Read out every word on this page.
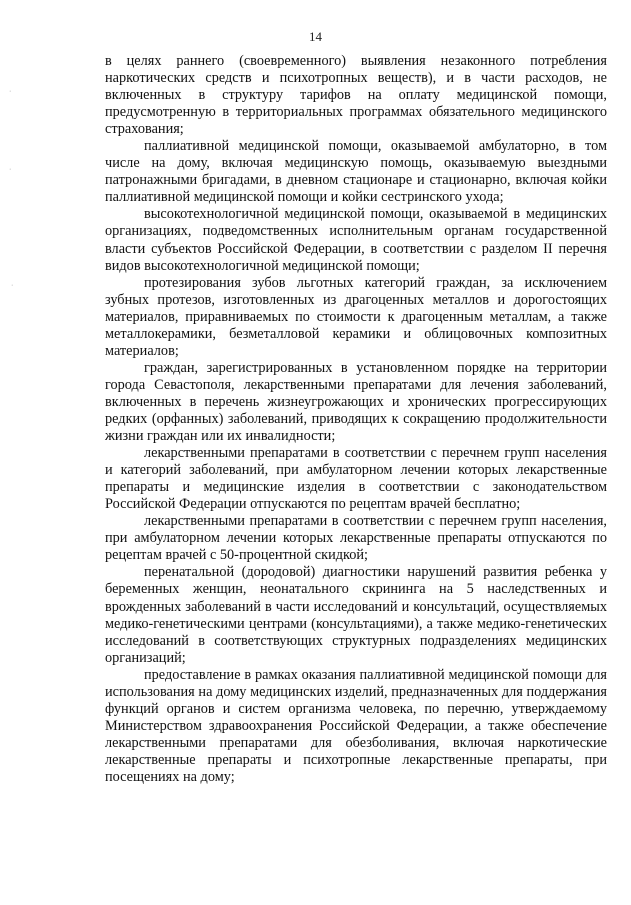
14

в целях раннего (своевременного) выявления незаконного потребления наркотических средств и психотропных веществ), и в части расходов, не включенных в структуру тарифов на оплату медицинской помощи, предусмотренную в территориальных программах обязательного медицинского страхования;

паллиативной медицинской помощи, оказываемой амбулаторно, в том числе на дому, включая медицинскую помощь, оказываемую выездными патронажными бригадами, в дневном стационаре и стационарно, включая койки паллиативной медицинской помощи и койки сестринского ухода;

высокотехнологичной медицинской помощи, оказываемой в медицинских организациях, подведомственных исполнительным органам государственной власти субъектов Российской Федерации, в соответствии с разделом II перечня видов высокотехнологичной медицинской помощи;

протезирования зубов льготных категорий граждан, за исключением зубных протезов, изготовленных из драгоценных металлов и дорогостоящих материалов, приравниваемых по стоимости к драгоценным металлам, а также металлокерамики, безметалловой керамики и облицовочных композитных материалов;

граждан, зарегистрированных в установленном порядке на территории города Севастополя, лекарственными препаратами для лечения заболеваний, включенных в перечень жизнеугрожающих и хронических прогрессирующих редких (орфанных) заболеваний, приводящих к сокращению продолжительности жизни граждан или их инвалидности;

лекарственными препаратами в соответствии с перечнем групп населения и категорий заболеваний, при амбулаторном лечении которых лекарственные препараты и медицинские изделия в соответствии с законодательством Российской Федерации отпускаются по рецептам врачей бесплатно;

лекарственными препаратами в соответствии с перечнем групп населения, при амбулаторном лечении которых лекарственные препараты отпускаются по рецептам врачей с 50-процентной скидкой;

перенатальной (дородовой) диагностики нарушений развития ребенка у беременных женщин, неонатального скрининга на 5 наследственных и врожденных заболеваний в части исследований и консультаций, осуществляемых медико-генетическими центрами (консультациями), а также медико-генетических исследований в соответствующих структурных подразделениях медицинских организаций;

предоставление в рамках оказания паллиативной медицинской помощи для использования на дому медицинских изделий, предназначенных для поддержания функций органов и систем организма человека, по перечню, утверждаемому Министерством здравоохранения Российской Федерации, а также обеспечение лекарственными препаратами для обезболивания, включая наркотические лекарственные препараты и психотропные лекарственные препараты, при посещениях на дому;

·
·
·
